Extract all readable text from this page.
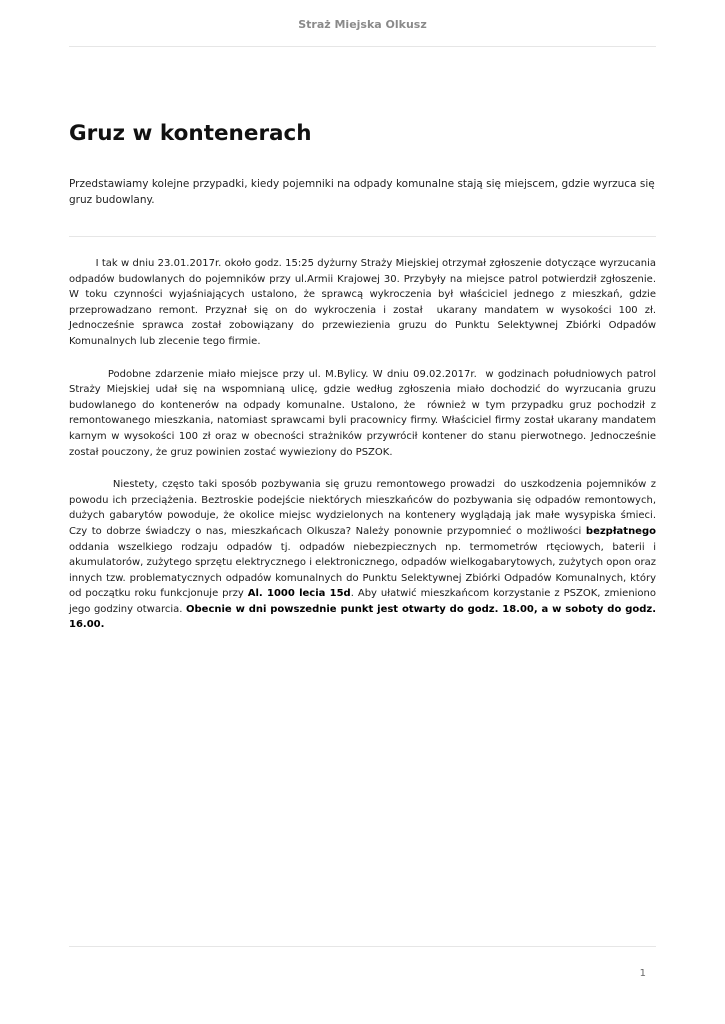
Straż Miejska Olkusz
Gruz w kontenerach

Przedstawiamy kolejne przypadki, kiedy pojemniki na odpady komunalne stają się miejscem, gdzie wyrzuca się gruz budowlany.

I tak w dniu 23.01.2017r. około godz. 15:25 dyżurny Straży Miejskiej otrzymał zgłoszenie dotyczące wyrzucania odpadów budowlanych do pojemników przy ul.Armii Krajowej 30. Przybyły na miejsce patrol potwierdził zgłoszenie. W toku czynności wyjaśniających ustalono, że sprawcą wykroczenia był właściciel jednego z mieszkań, gdzie przeprowadzano remont. Przyznał się on do wykroczenia i został  ukarany mandatem w wysokości 100 zł. Jednocześnie sprawca został zobowiązany do przewiezienia gruzu do Punktu Selektywnej Zbiórki Odpadów Komunalnych lub zlecenie tego firmie.

Podobne zdarzenie miało miejsce przy ul. M.Bylicy. W dniu 09.02.2017r.  w godzinach południowych patrol Straży Miejskiej udał się na wspomnianą ulicę, gdzie według zgłoszenia miało dochodzić do wyrzucania gruzu budowlanego do kontenerów na odpady komunalne. Ustalono, że  również w tym przypadku gruz pochodził z remontowanego mieszkania, natomiast sprawcami byli pracownicy firmy. Właściciel firmy został ukarany mandatem karnym w wysokości 100 zł oraz w obecności strażników przywrócił kontener do stanu pierwotnego. Jednocześnie został pouczony, że gruz powinien zostać wywieziony do PSZOK.

Niestety, często taki sposób pozbywania się gruzu remontowego prowadzi  do uszkodzenia pojemników z powodu ich przeciążenia. Beztroskie podejście niektórych mieszkańców do pozbywania się odpadów remontowych, dużych gabarytów powoduje, że okolice miejsc wydzielonych na kontenery wyglądają jak małe wysypiska śmieci. Czy to dobrze świadczy o nas, mieszkańcach Olkusza? Należy ponownie przypomnieć o możliwości bezpłatnego oddania wszelkiego rodzaju odpadów tj. odpadów niebezpiecznych np. termometrów rtęciowych, baterii i akumulatorów, zużytego sprzętu elektrycznego i elektronicznego, odpadów wielkogabarytowych, zużytych opon oraz innych tzw. problematycznych odpadów komunalnych do Punktu Selektywnej Zbiórki Odpadów Komunalnych, który od początku roku funkcjonuje przy Al. 1000 lecia 15d. Aby ułatwić mieszkańcom korzystanie z PSZOK, zmieniono jego godziny otwarcia. Obecnie w dni powszednie punkt jest otwarty do godz. 18.00, a w soboty do godz. 16.00.

1
